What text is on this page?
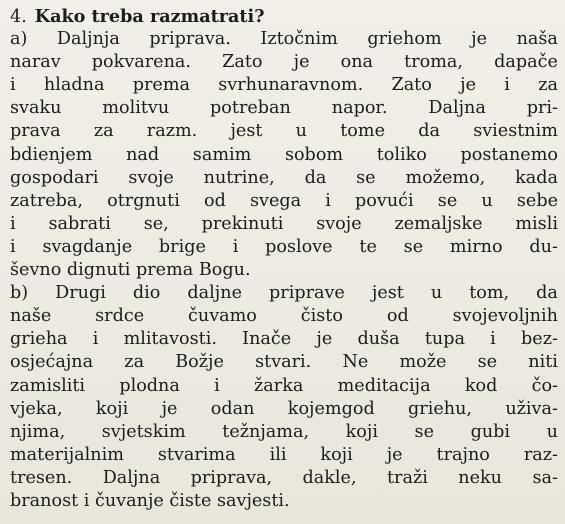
4. Kako treba razmatrati?
a) Daljnja priprava. Iztočnim griehom je naša
narav pokvarena. Zato je ona troma, dapače
i hladna prema svrhunaravnom. Zato je i za
svaku molitvu potreban napor. Daljna pri-
prava za razm. jest u tome da sviestnim
bdienjem nad samim sobom toliko postanemo
gospodari svoje nutrine, da se možemo, kada
zatreba, otrgnuti od svega i povući se u sebe
i sabrati se, prekinuti svoje zemaljske misli
i svagdanje brige i poslove te se mirno du-
ševno dignuti prema Bogu.
b) Drugi dio daljne priprave jest u tom, da
naše srdce čuvamo čisto od svojevoljnih
grieha i mlitavosti. Inače je duša tupa i bez-
osjećajna za Božje stvari. Ne može se niti
zamisliti plodna i žarka meditacija kod čo-
vjeka, koji je odan kojemgod griehu, uživa-
njima, svjetskim težnjama, koji se gubi u
materijalnim stvarima ili koji je trajno raz-
tresen. Daljna priprava, dakle, traži neku sa-
branost i čuvanje čiste savjesti.
